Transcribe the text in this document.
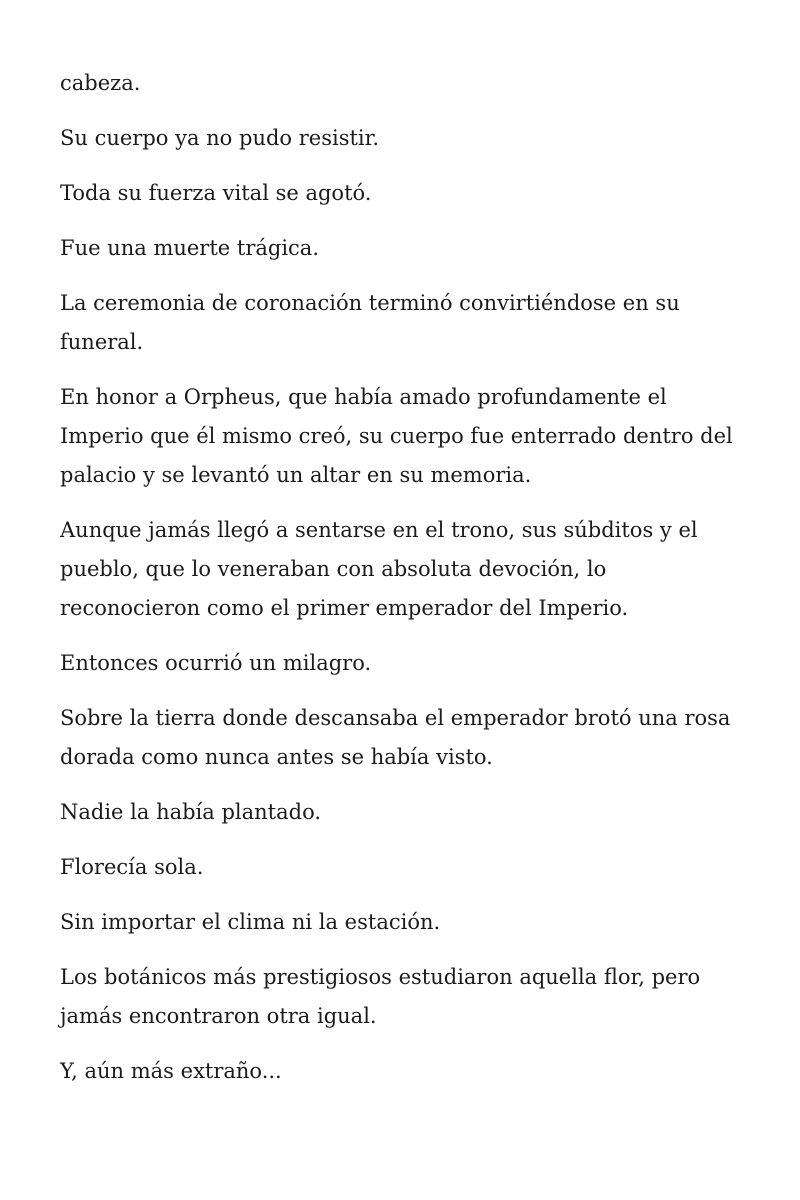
cabeza.

Su cuerpo ya no pudo resistir.

Toda su fuerza vital se agotó.

Fue una muerte trágica.

La ceremonia de coronación terminó convirtiéndose en su funeral.

En honor a Orpheus, que había amado profundamente el Imperio que él mismo creó, su cuerpo fue enterrado dentro del palacio y se levantó un altar en su memoria.

Aunque jamás llegó a sentarse en el trono, sus súbditos y el pueblo, que lo veneraban con absoluta devoción, lo reconocieron como el primer emperador del Imperio.

Entonces ocurrió un milagro.

Sobre la tierra donde descansaba el emperador brotó una rosa dorada como nunca antes se había visto.

Nadie la había plantado.

Florecía sola.

Sin importar el clima ni la estación.

Los botánicos más prestigiosos estudiaron aquella flor, pero jamás encontraron otra igual.

Y, aún más extraño...
